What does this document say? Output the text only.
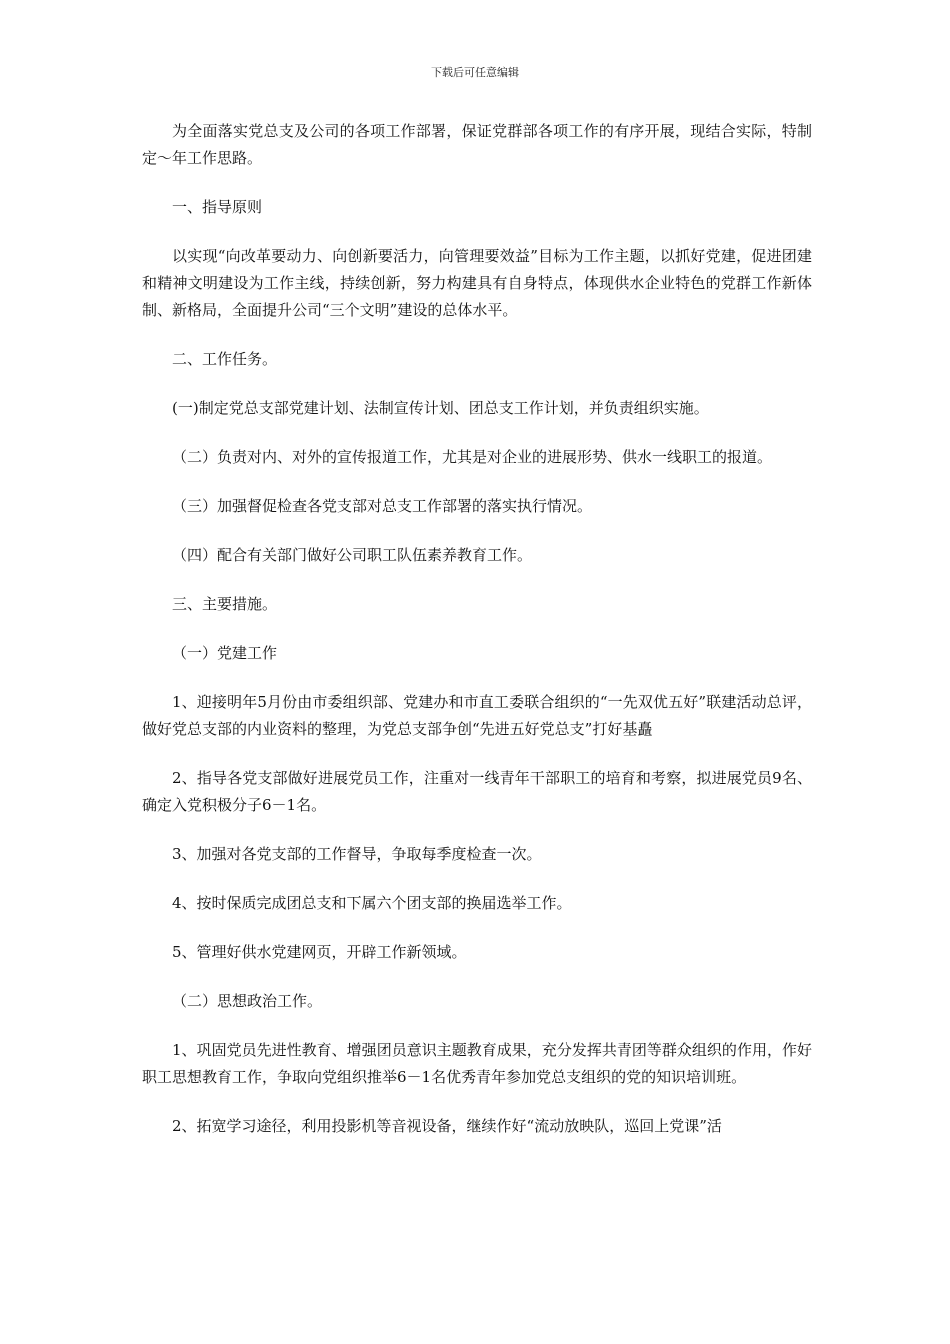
下载后可任意编辑

为全面落实党总支及公司的各项工作部署，保证党群部各项工作的有序开展，现结合实际，特制定～年工作思路。

一、指导原则

以实现“向改革要动力、向创新要活力，向管理要效益”目标为工作主题，以抓好党建，促进团建和精神文明建设为工作主线，持续创新，努力构建具有自身特点，体现供水企业特色的党群工作新体制、新格局，全面提升公司“三个文明”建设的总体水平。

二、工作任务。

(一)制定党总支部党建计划、法制宣传计划、团总支工作计划，并负责组织实施。

（二）负责对内、对外的宣传报道工作，尤其是对企业的进展形势、供水一线职工的报道。

（三）加强督促检查各党支部对总支工作部署的落实执行情况。

（四）配合有关部门做好公司职工队伍素养教育工作。

三、主要措施。

（一）党建工作

1、迎接明年5月份由市委组织部、党建办和市直工委联合组织的“一先双优五好”联建活动总评，做好党总支部的内业资料的整理，为党总支部争创“先进五好党总支”打好基矗

2、指导各党支部做好进展党员工作，注重对一线青年干部职工的培育和考察，拟进展党员9名、确定入党积极分子6－1名。

3、加强对各党支部的工作督导，争取每季度检查一次。

4、按时保质完成团总支和下属六个团支部的换届选举工作。

5、管理好供水党建网页，开辟工作新领域。

（二）思想政治工作。

1、巩固党员先进性教育、增强团员意识主题教育成果，充分发挥共青团等群众组织的作用，作好职工思想教育工作，争取向党组织推举6－1名优秀青年参加党总支组织的党的知识培训班。

2、拓宽学习途径，利用投影机等音视设备，继续作好“流动放映队，巡回上党课”活
